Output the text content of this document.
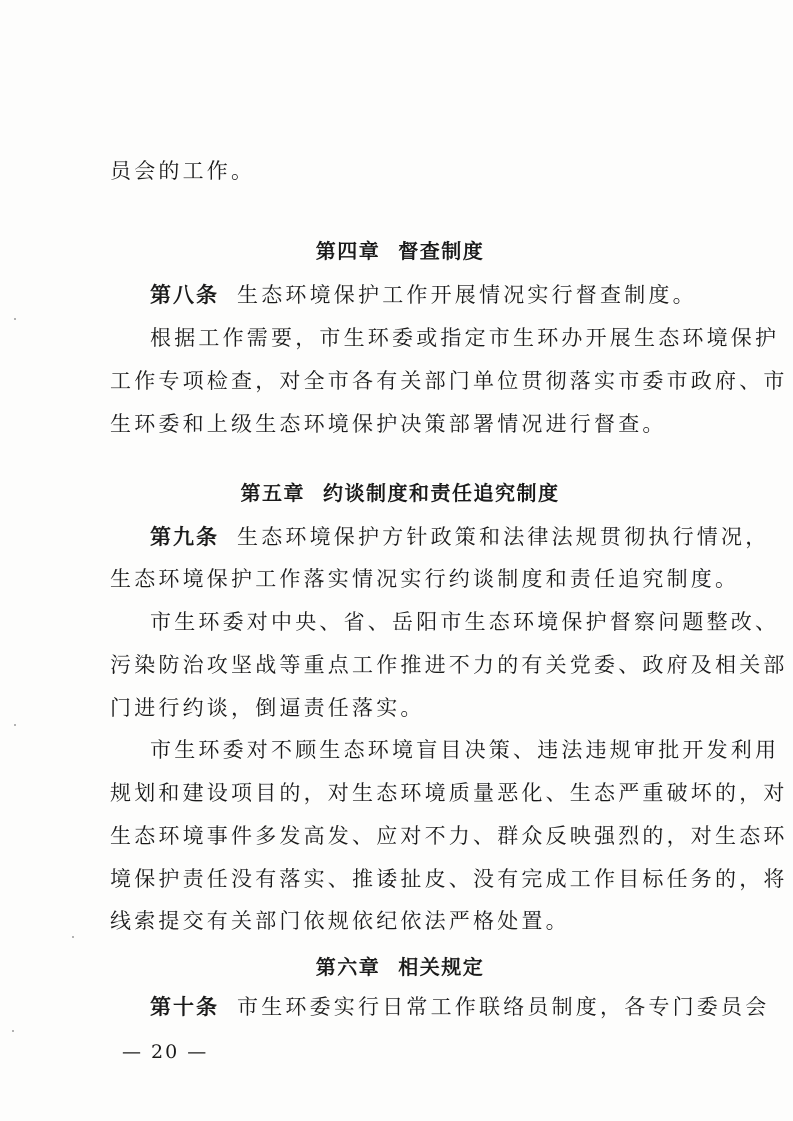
员会的工作。
第四章 督查制度
第八条 生态环境保护工作开展情况实行督查制度。
根据工作需要，市生环委或指定市生环办开展生态环境保护
工作专项检查，对全市各有关部门单位贯彻落实市委市政府、市
生环委和上级生态环境保护决策部署情况进行督查。
第五章 约谈制度和责任追究制度
第九条 生态环境保护方针政策和法律法规贯彻执行情况，
生态环境保护工作落实情况实行约谈制度和责任追究制度。
市生环委对中央、省、岳阳市生态环境保护督察问题整改、
污染防治攻坚战等重点工作推进不力的有关党委、政府及相关部
门进行约谈，倒逼责任落实。
市生环委对不顾生态环境盲目决策、违法违规审批开发利用
规划和建设项目的，对生态环境质量恶化、生态严重破坏的，对
生态环境事件多发高发、应对不力、群众反映强烈的，对生态环
境保护责任没有落实、推诿扯皮、没有完成工作目标任务的，将
线索提交有关部门依规依纪依法严格处置。
第六章 相关规定
第十条 市生环委实行日常工作联络员制度，各专门委员会
— 20 —
